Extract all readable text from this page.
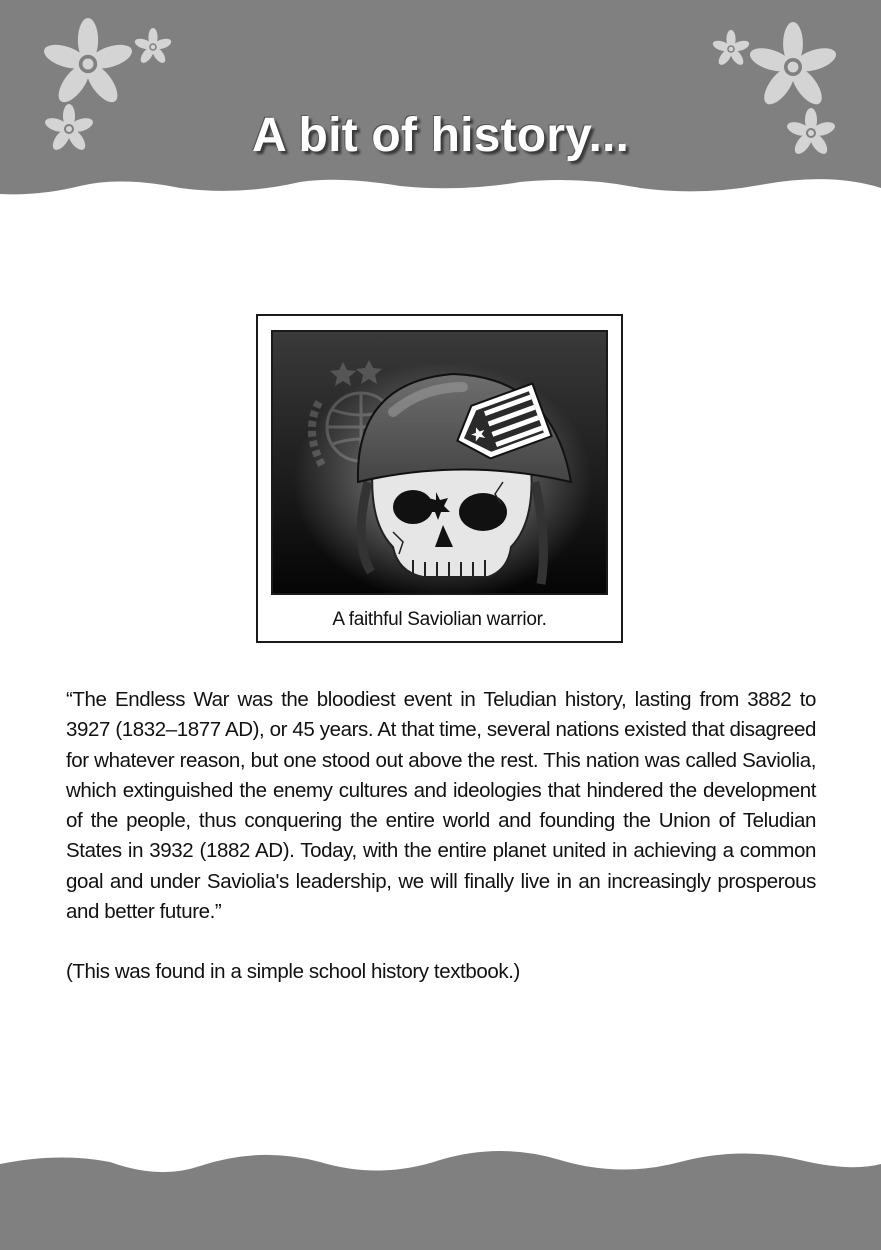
A bit of history...
A faithful Saviolian warrior.

“The Endless War was the bloodiest event in Teludian history, lasting from 3882 to 3927 (1832–1877 AD), or 45 years. At that time, several nations existed that disagreed for whatever reason, but one stood out above the rest. This nation was called Saviolia, which extinguished the enemy cultures and ideologies that hindered the development of the people, thus conquering the entire world and founding the Union of Teludian States in 3932 (1882 AD). Today, with the entire planet united in achieving a common goal and under Saviolia's leadership, we will finally live in an increasingly prosperous and better future.”

(This was found in a simple school history textbook.)
